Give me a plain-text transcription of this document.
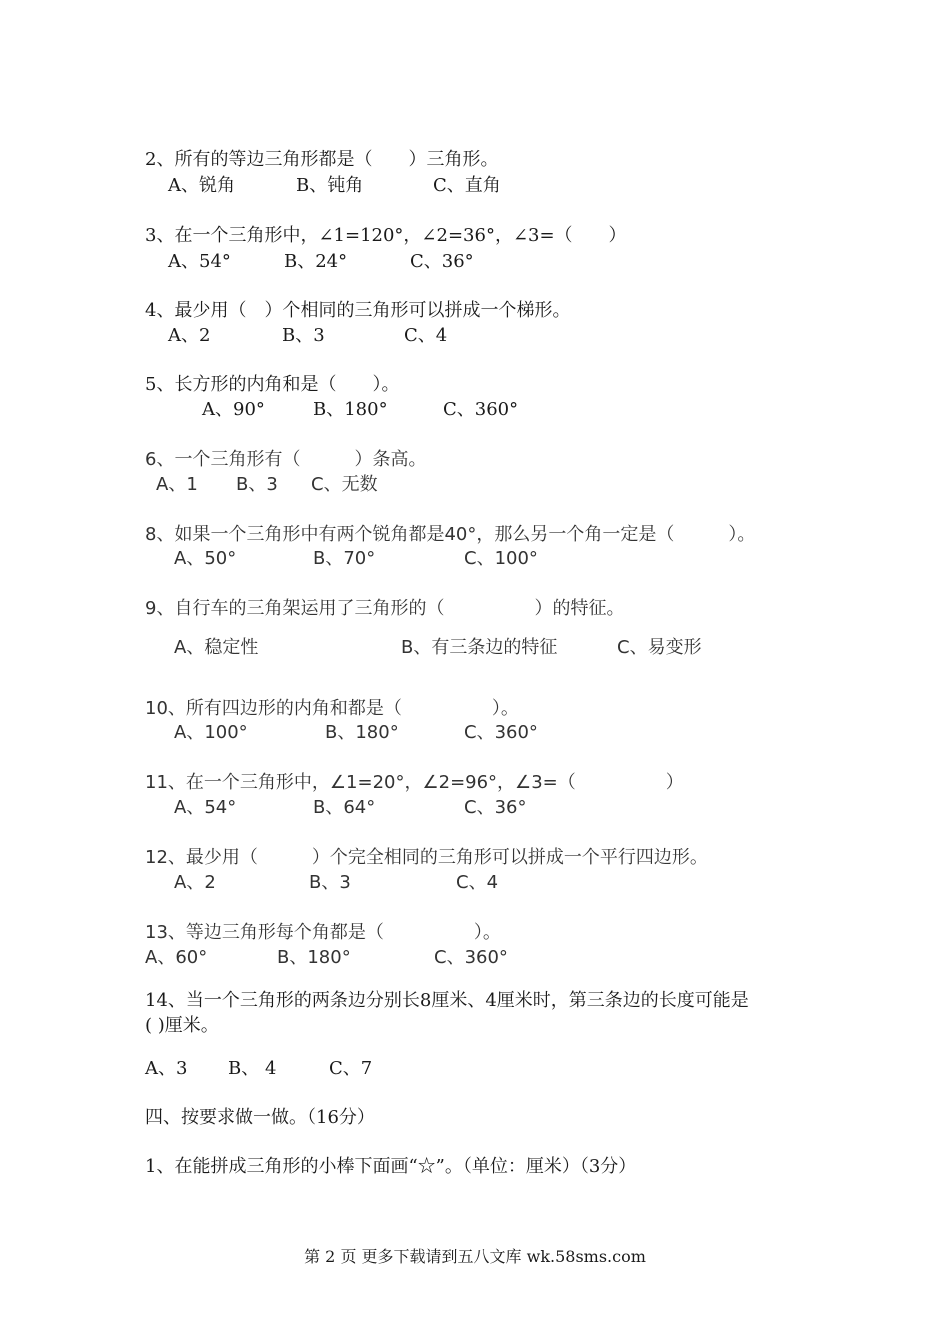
2、所有的等边三角形都是（　　）三角形。
A、锐角	B、钝角	C、直角
3、在一个三角形中，∠1=120°，∠2=36°，∠3=（　　）
A、54°	B、24°	C、36°
4、最少用（　）个相同的三角形可以拼成一个梯形。
A、2	B、3	C、4
5、长方形的内角和是（　　）。
A、90°	B、180°	C、360°
6、一个三角形有（　　　）条高。
A、1 B、3 C、无数
8、如果一个三角形中有两个锐角都是40°，那么另一个角一定是（　　　）。
A、50°	B、70°	C、100°
9、自行车的三角架运用了三角形的（　　　　　）的特征。
A、稳定性	B、有三条边的特征	C、易变形
10、所有四边形的内角和都是（　　　　　）。
A、100°	B、180°	C、360°
11、在一个三角形中，∠1=20°，∠2=96°，∠3=（　　　　　）
A、54°	B、64°	C、36°
12、最少用（　　　）个完全相同的三角形可以拼成一个平行四边形。
A、2	B、3	C、4
13、等边三角形每个角都是（　　　　　）。
A、60°	B、180°	C、360°
14、当一个三角形的两条边分别长8厘米、4厘米时，第三条边的长度可能是
( )厘米。
A、3 B、 4	C、7
四、按要求做一做。（16分）
1、在能拼成三角形的小棒下面画“☆”。（单位：厘米）（3分）
第 2 页 更多下载请到五八文库 wk.58sms.com
